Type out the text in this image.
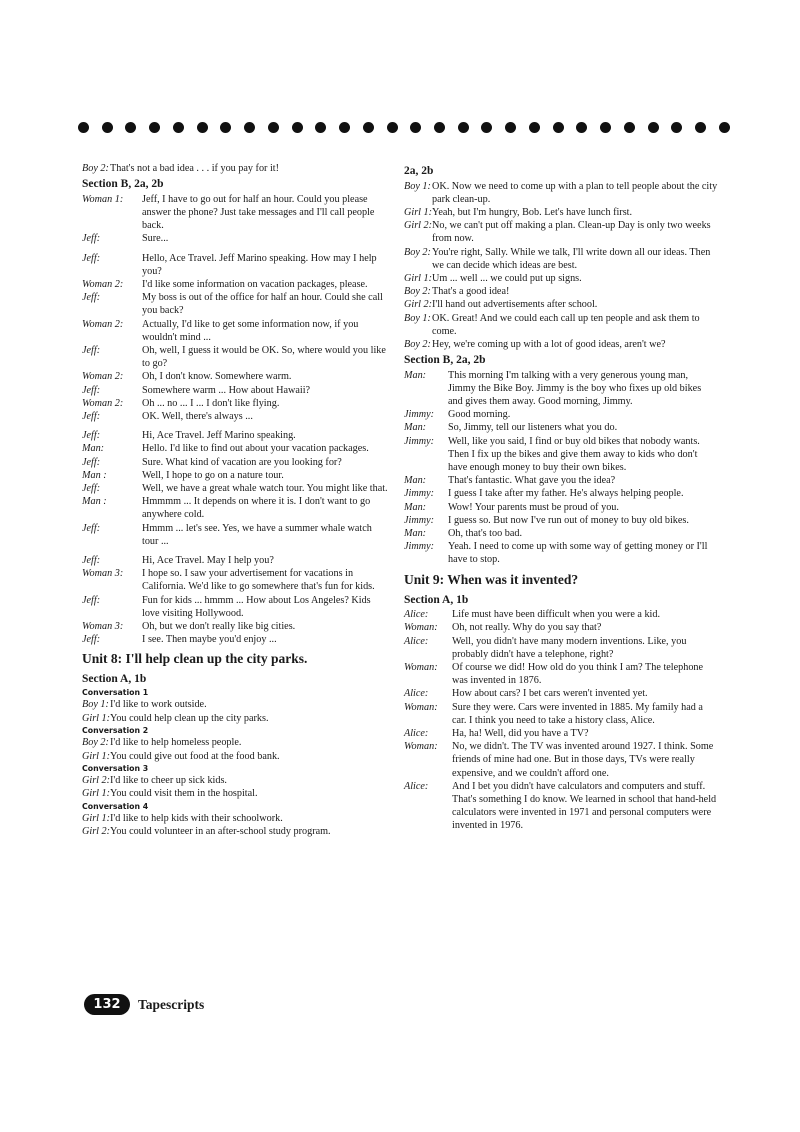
Boy 2: That's not a bad idea . . . if you pay for it!
Section B, 2a, 2b
Woman 1:	Jeff, I have to go out for half an hour. Could you please answer the phone? Just take messages and I'll call people back.
Jeff:	Sure...
Jeff:	Hello, Ace Travel. Jeff Marino speaking. How may I help you?
Woman 2:	I'd like some information on vacation packages, please.
Jeff:	My boss is out of the office for half an hour. Could she call you back?
Woman 2:	Actually, I'd like to get some information now, if you wouldn't mind ...
Jeff:	Oh, well, I guess it would be OK. So, where would you like to go?
Woman 2:	Oh, I don't know. Somewhere warm.
Jeff:	Somewhere warm ... How about Hawaii?
Woman 2:	Oh ... no ... I ... I don't like flying.
Jeff:	OK. Well, there's always ...
Jeff:	Hi, Ace Travel. Jeff Marino speaking.
Man:	Hello. I'd like to find out about your vacation packages.
Jeff:	Sure. What kind of vacation are you looking for?
Man :	Well, I hope to go on a nature tour.
Jeff:	Well, we have a great whale watch tour. You might like that.
Man :	Hmmmm ... It depends on where it is. I don't want to go anywhere cold.
Jeff:	Hmmm ... let's see. Yes, we have a summer whale watch tour ...
Jeff:	Hi, Ace Travel. May I help you?
Woman 3:	I hope so. I saw your advertisement for vacations in California. We'd like to go somewhere that's fun for kids.
Jeff:	Fun for kids ... hmmm ... How about Los Angeles? Kids love visiting Hollywood.
Woman 3:	Oh, but we don't really like big cities.
Jeff:	I see. Then maybe you'd enjoy ...
Unit 8: I'll help clean up the city parks.
Section A, 1b
Conversation 1
Boy 1: I'd like to work outside.
Girl 1: You could help clean up the city parks.
Conversation 2
Boy 2: I'd like to help homeless people.
Girl 1: You could give out food at the food bank.
Conversation 3
Girl 2: I'd like to cheer up sick kids.
Girl 1: You could visit them in the hospital.
Conversation 4
Girl 1: I'd like to help kids with their schoolwork.
Girl 2: You could volunteer in an after-school study program.
2a, 2b
Boy 1: OK. Now we need to come up with a plan to tell people about the city park clean-up.
Girl 1: Yeah, but I'm hungry, Bob. Let's have lunch first.
Girl 2: No, we can't put off making a plan. Clean-up Day is only two weeks from now.
Boy 2: You're right, Sally. While we talk, I'll write down all our ideas. Then we can decide which ideas are best.
Girl 1: Um ... well ... we could put up signs.
Boy 2: That's a good idea!
Girl 2: I'll hand out advertisements after school.
Boy 1: OK. Great! And we could each call up ten people and ask them to come.
Boy 2: Hey, we're coming up with a lot of good ideas, aren't we?
Section B, 2a, 2b
Man:	This morning I'm talking with a very generous young man, Jimmy the Bike Boy. Jimmy is the boy who fixes up old bikes and gives them away. Good morning, Jimmy.
Jimmy:	Good morning.
Man:	So, Jimmy, tell our listeners what you do.
Jimmy:	Well, like you said, I find or buy old bikes that nobody wants. Then I fix up the bikes and give them away to kids who don't have enough money to buy their own bikes.
Man:	That's fantastic. What gave you the idea?
Jimmy:	I guess I take after my father. He's always helping people.
Man:	Wow! Your parents must be proud of you.
Jimmy:	I guess so. But now I've run out of money to buy old bikes.
Man:	Oh, that's too bad.
Jimmy:	Yeah. I need to come up with some way of getting money or I'll have to stop.
Unit 9: When was it invented?
Section A, 1b
Alice:	Life must have been difficult when you were a kid.
Woman:	Oh, not really. Why do you say that?
Alice:	Well, you didn't have many modern inventions. Like, you probably didn't have a telephone, right?
Woman:	Of course we did! How old do you think I am? The telephone was invented in 1876.
Alice:	How about cars? I bet cars weren't invented yet.
Woman:	Sure they were. Cars were invented in 1885. My family had a car. I think you need to take a history class, Alice.
Alice:	Ha, ha! Well, did you have a TV?
Woman:	No, we didn't. The TV was invented around 1927. I think. Some friends of mine had one. But in those days, TVs were really expensive, and we couldn't afford one.
Alice:	And I bet you didn't have calculators and computers and stuff. That's something I do know. We learned in school that hand-held calculators were invented in 1971 and personal computers were invented in 1976.
132	Tapescripts
